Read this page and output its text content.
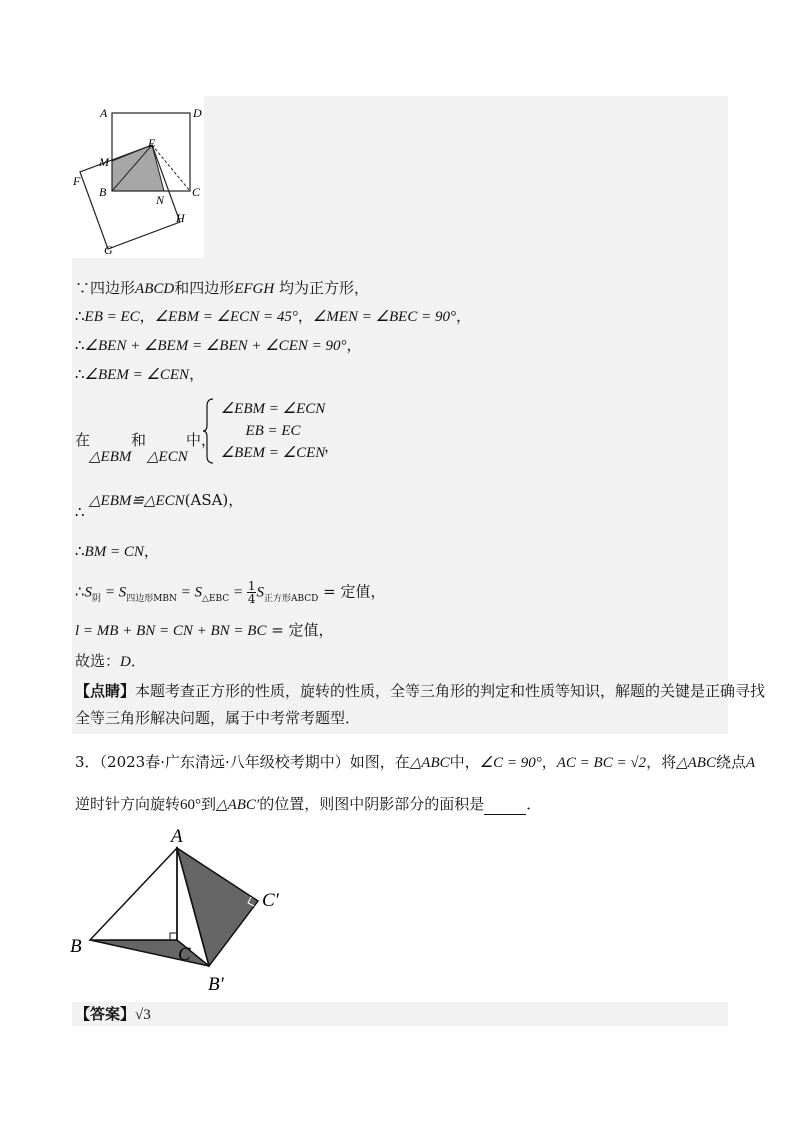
A	D
M
E
F
B
N
C
H
G
∵四边形ABCD和四边形EFGH 均为正方形，
∴EB = EC，∠EBM = ∠ECN = 45°，∠MEN = ∠BEC = 90°，
∴∠BEN + ∠BEM = ∠BEN + ∠CEN = 90°，
∴∠BEM = ∠CEN，
在	和	中，
△EBM △ECN
∠EBM = ∠ECN
EB = EC
∠BEM = ∠CEN
，
△EBM≌△ECN(ASA)，
∴
∴BM = CN，
$\therefore S_阴 = S_{四边形MBN} = S_{\triangle EBC} = \frac{1}{4} S_{正方形ABCD}$ = 定值，
l = MB + BN = CN + BN = BC = 定值，
故选：D．
【点睛】本题考查正方形的性质，旋转的性质，全等三角形的判定和性质等知识，解题的关键是正确寻找
全等三角形解决问题，属于中考常考题型．
3．（2023春·广东清远·八年级校考期中）如图，在△ABC中，∠C = 90°，AC = BC = √2，将△ABC绕点A
逆时针方向旋转60°到△ABC′的位置，则图中阴影部分的面积是	．
A
C′
B	C
B′
【答案】√3
